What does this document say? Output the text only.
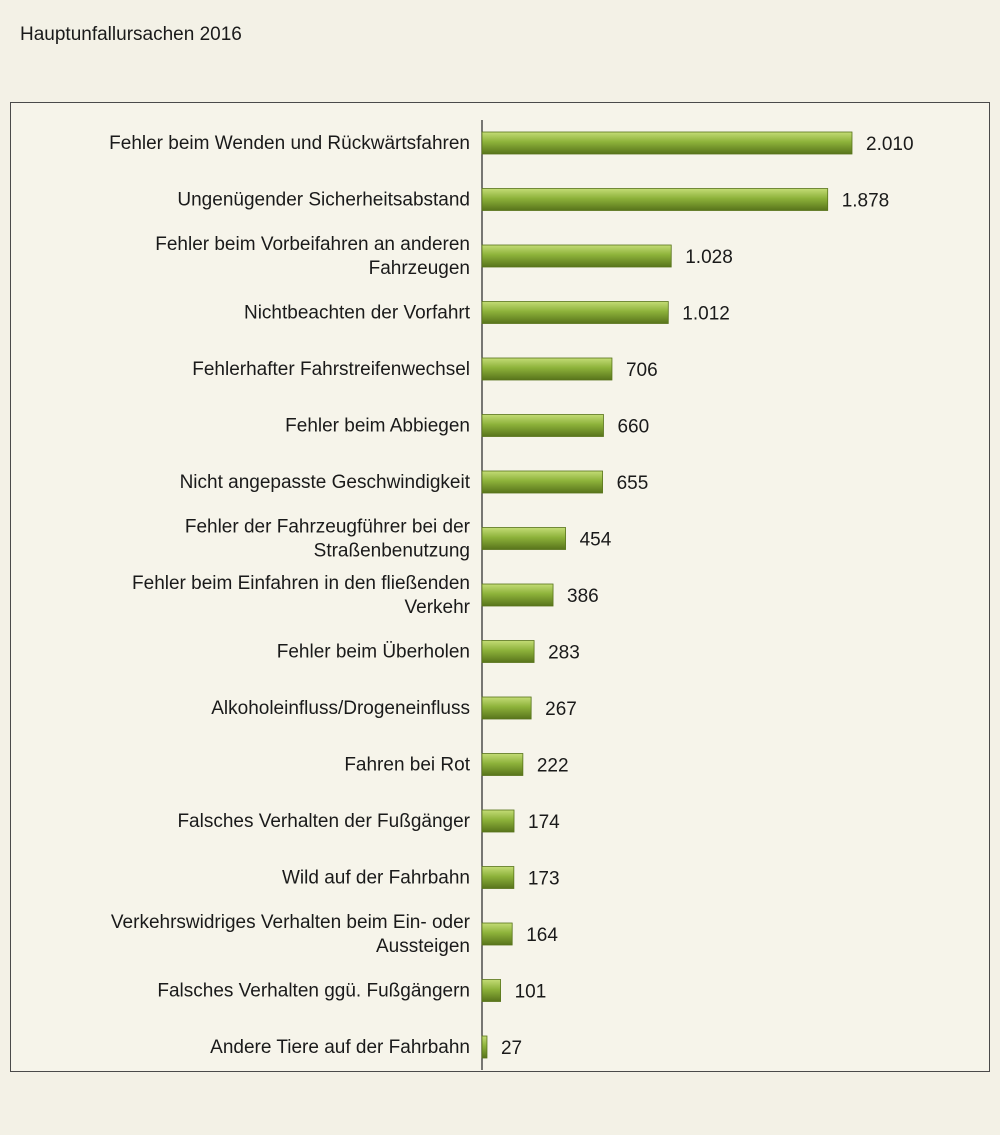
Hauptunfallursachen 2016
Fehler beim Wenden und Rückwärtsfahren
Ungenügender Sicherheitsabstand
Fehler beim Vorbeifahren an anderen Fahrzeugen
Nichtbeachten der Vorfahrt
Fehlerhafter Fahrstreifenwechsel
Fehler beim Abbiegen
Nicht angepasste Geschwindigkeit
Fehler der Fahrzeugführer bei der Straßenbenutzung
Fehler beim Einfahren in den fließenden Verkehr
Fehler beim Überholen
Alkoholeinfluss/Drogeneinfluss
Fahren bei Rot
Falsches Verhalten der Fußgänger
Wild auf der Fahrbahn
Verkehrswidriges Verhalten beim Ein- oder Aussteigen
Falsches Verhalten ggü. Fußgängern
Andere Tiere auf der Fahrbahn
2.010
1.878
1.028
1.012
706
660
655
454
386
283
267
222
174
173
164
101
27
